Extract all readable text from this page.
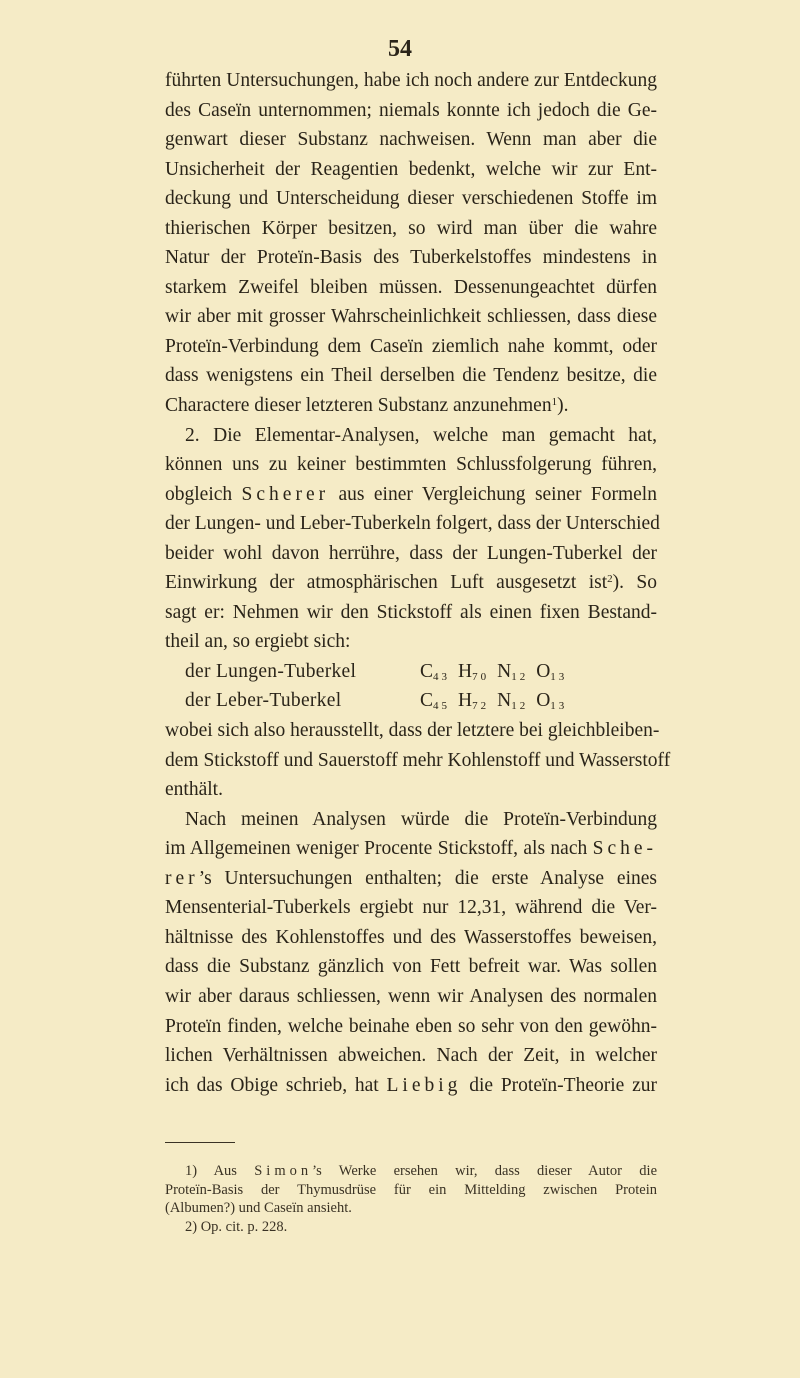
54
führten Untersuchungen, habe ich noch andere zur Entdeckung
des Caseïn unternommen; niemals konnte ich jedoch die Ge-
genwart dieser Substanz nachweisen. Wenn man aber die
Unsicherheit der Reagentien bedenkt, welche wir zur Ent-
deckung und Unterscheidung dieser verschiedenen Stoffe im
thierischen Körper besitzen, so wird man über die wahre
Natur der Proteïn-Basis des Tuberkelstoffes mindestens in
starkem Zweifel bleiben müssen. Dessenungeachtet dürfen
wir aber mit grosser Wahrscheinlichkeit schliessen, dass diese
Proteïn-Verbindung dem Caseïn ziemlich nahe kommt, oder
dass wenigstens ein Theil derselben die Tendenz besitze, die
Charactere dieser letzteren Substanz anzunehmen$^1$).
2. Die Elementar-Analysen, welche man gemacht hat,
können uns zu keiner bestimmten Schlussfolgerung führen,
obgleich Scherer aus einer Vergleichung seiner Formeln
der Lungen- und Leber-Tuberkeln folgert, dass der Unterschied
beider wohl davon herrühre, dass der Lungen-Tuberkel der
Einwirkung der atmosphärischen Luft ausgesetzt ist$^2$). So
sagt er: Nehmen wir den Stickstoff als einen fixen Bestand-
theil an, so ergiebt sich:
der Lungen-Tuberkel	$C_{43}$ $H_{70}$ $N_{12}$ $O_{13}$
der Leber-Tuberkel	$C_{45}$ $H_{72}$ $N_{12}$ $O_{13}$
wobei sich also herausstellt, dass der letztere bei gleichbleiben-
dem Stickstoff und Sauerstoff mehr Kohlenstoff und Wasserstoff
enthält.
Nach meinen Analysen würde die Proteïn-Verbindung
im Allgemeinen weniger Procente Stickstoff, als nach Sche-
rer’s Untersuchungen enthalten; die erste Analyse eines
Mensenterial-Tuberkels ergiebt nur 12,31, während die Ver-
hältnisse des Kohlenstoffes und des Wasserstoffes beweisen,
dass die Substanz gänzlich von Fett befreit war. Was sollen
wir aber daraus schliessen, wenn wir Analysen des normalen
Proteïn finden, welche beinahe eben so sehr von den gewöhn-
lichen Verhältnissen abweichen. Nach der Zeit, in welcher
ich das Obige schrieb, hat Liebig die Proteïn-Theorie zur
1) Aus Simon’s Werke ersehen wir, dass dieser Autor die
Proteïn-Basis der Thymusdrüse für ein Mittelding zwischen Protein
(Albumen?) und Caseïn ansieht.
2) Op. cit. p. 228.
